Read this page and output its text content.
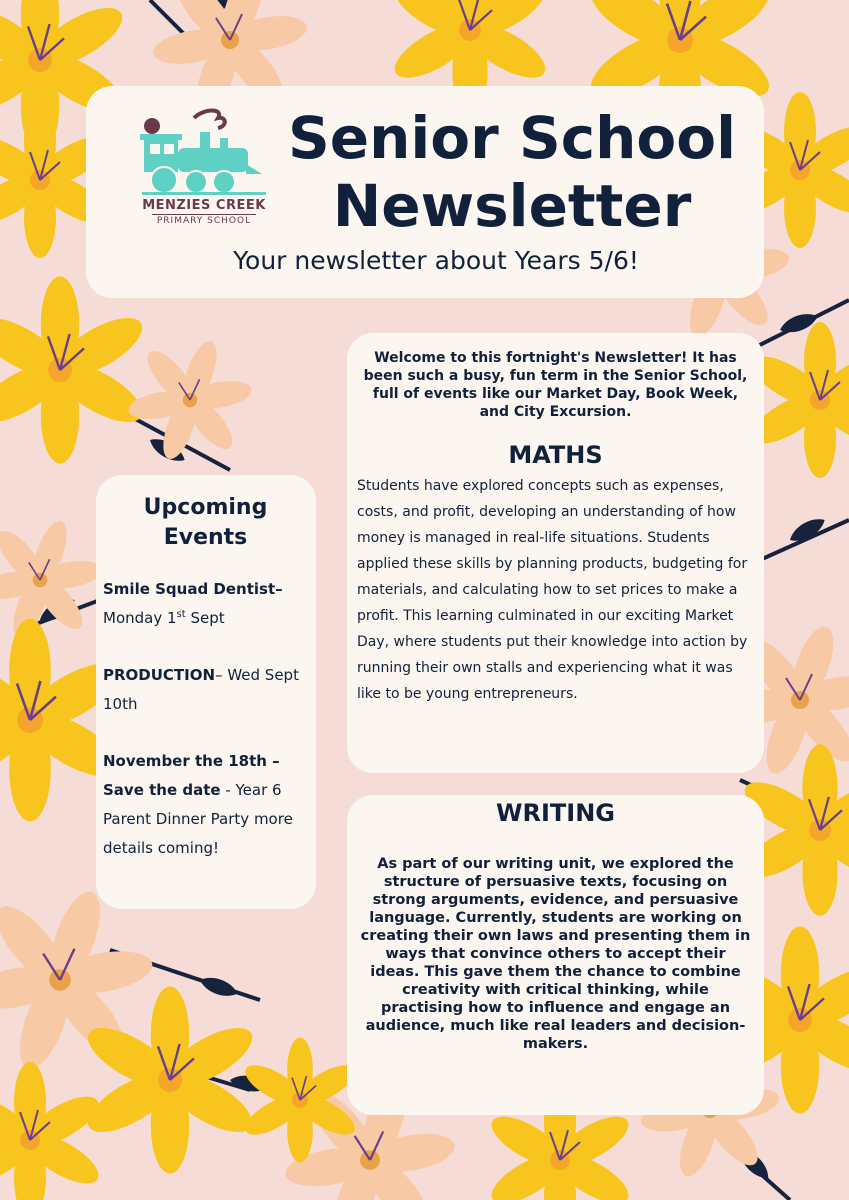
MENZIES CREEK
PRIMARY SCHOOL
Senior School Newsletter
Your newsletter about Years 5/6!
Upcoming Events
Smile Squad Dentist–
Monday 1st Sept
PRODUCTION– Wed Sept 10th
November the 18th – Save the date - Year 6 Parent Dinner Party more details coming!
Welcome to this fortnight's Newsletter! It has been such a busy, fun term in the Senior School, full of events like our Market Day, Book Week, and City Excursion.
MATHS
Students have explored concepts such as expenses, costs, and profit, developing an understanding of how money is managed in real-life situations. Students applied these skills by planning products, budgeting for materials, and calculating how to set prices to make a profit. This learning culminated in our exciting Market Day, where students put their knowledge into action by running their own stalls and experiencing what it was like to be young entrepreneurs.
WRITING
As part of our writing unit, we explored the structure of persuasive texts, focusing on strong arguments, evidence, and persuasive language. Currently, students are working on creating their own laws and presenting them in ways that convince others to accept their ideas. This gave them the chance to combine creativity with critical thinking, while practising how to influence and engage an audience, much like real leaders and decision-makers.
